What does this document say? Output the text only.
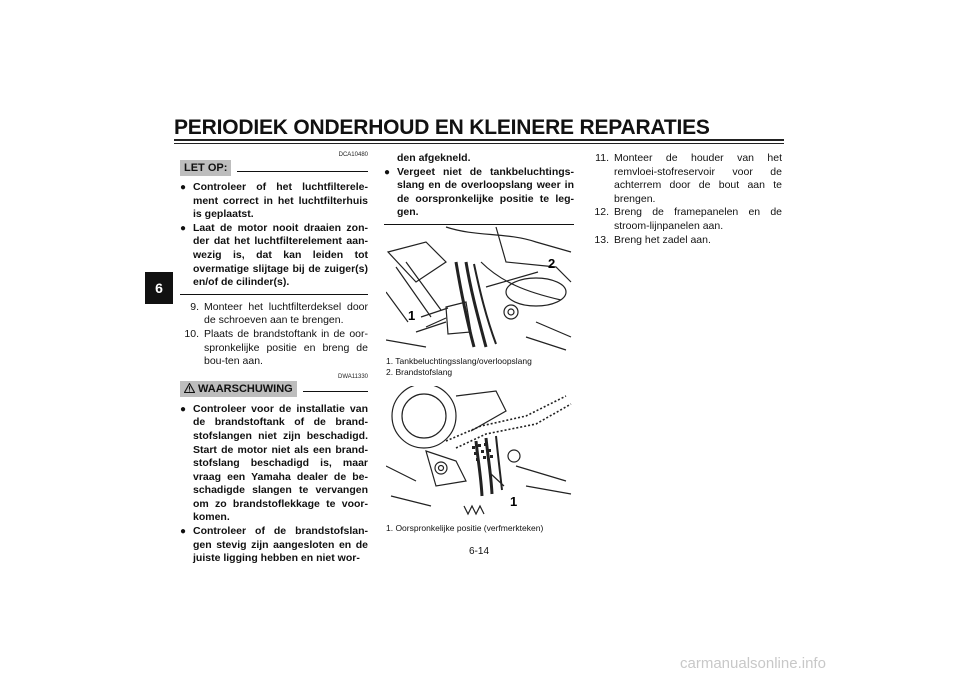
PERIODIEK ONDERHOUD EN KLEINERE REPARATIES
6
DCA10480
LET OP:
● Controleer of het luchtfilterele-ment correct in het luchtfilterhuis is geplaatst.
● Laat de motor nooit draaien zon-der dat het luchtfilterelement aan-wezig is, dat kan leiden tot overmatige slijtage bij de zuiger(s) en/of de cilinder(s).
9. Monteer het luchtfilterdeksel door de schroeven aan te brengen.
10. Plaats de brandstoftank in de oor-spronkelijke positie en breng de bou-ten aan.
DWA11330
WAARSCHUWING
● Controleer voor de installatie van de brandstoftank of de brand-stofslangen niet zijn beschadigd. Start de motor niet als een brand-stofslang beschadigd is, maar vraag een Yamaha dealer de be-schadigde slangen te vervangen om zo brandstoflekkage te voor-komen.
● Controleer of de brandstofslan-gen stevig zijn aangesloten en de juiste ligging hebben en niet wor-
den afgekneld.
● Vergeet niet de tankbeluchtings-slang en de overloopslang weer in de oorspronkelijke positie te leg-gen.
2
1
1. Tankbeluchtingsslang/overloopslang
2. Brandstofslang
1
1. Oorspronkelijke positie (verfmerkteken)
11. Monteer de houder van het remvloei-stofreservoir voor de achterrem door de bout aan te brengen.
12. Breng de framepanelen en de stroom-lijnpanelen aan.
13. Breng het zadel aan.
6-14
carmanualsonline.info
